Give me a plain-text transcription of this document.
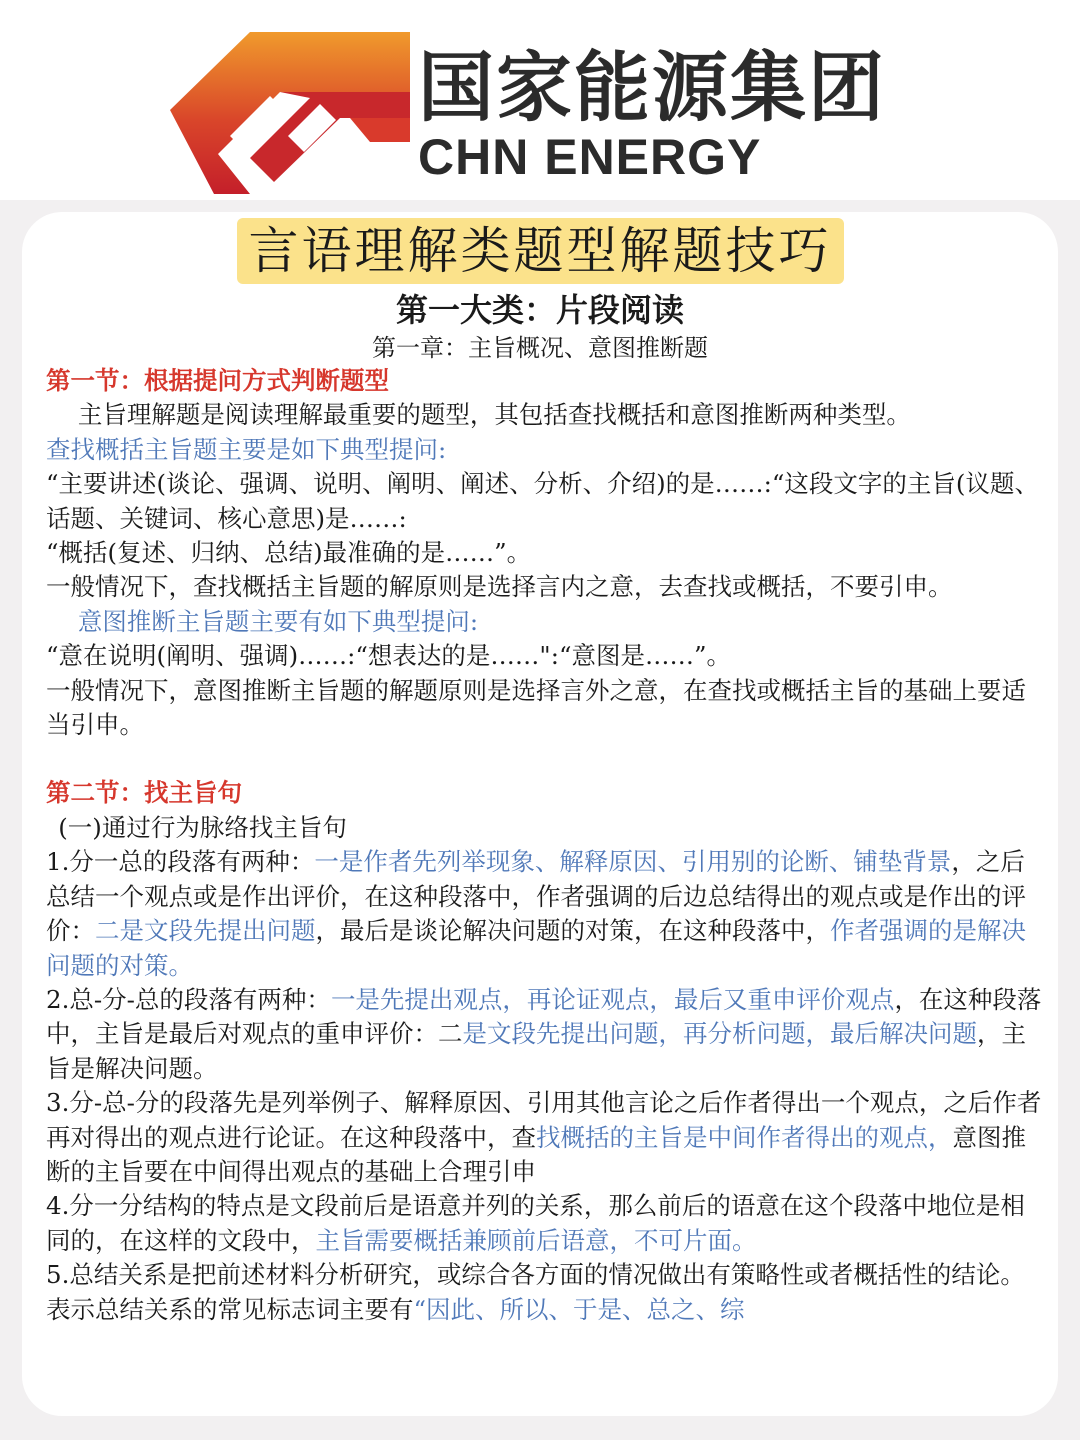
国家能源集团
CHN ENERGY
言语理解类题型解题技巧
第一大类：片段阅读
第一章：主旨概况、意图推断题

第一节：根据提问方式判断题型

主旨理解题是阅读理解最重要的题型，其包括查找概括和意图推断两种类型。

查找概括主旨题主要是如下典型提问:

“主要讲述(谈论、强调、说明、阐明、阐述、分析、介绍)的是……:“这段文字的主旨(议题、话题、关键词、核心意思)是……:

“概括(复述、归纳、总结)最准确的是……”。

一般情况下，查找概括主旨题的解原则是选择言内之意，去查找或概括，不要引申。

意图推断主旨题主要有如下典型提问:

“意在说明(阐明、强调)……:“想表达的是……":“意图是……”。

一般情况下，意图推断主旨题的解题原则是选择言外之意，在查找或概括主旨的基础上要适当引申。

第二节：找主旨句

(一)通过行为脉络找主旨句

1.分一总的段落有两种：一是作者先列举现象、解释原因、引用别的论断、铺垫背景，之后总结一个观点或是作出评价，在这种段落中，作者强调的后边总结得出的观点或是作出的评价：二是文段先提出问题，最后是谈论解决问题的对策，在这种段落中，作者强调的是解决问题的对策。

2.总-分-总的段落有两种：一是先提出观点，再论证观点，最后又重申评价观点，在这种段落中，主旨是最后对观点的重申评价：二是文段先提出问题，再分析问题，最后解决问题，主旨是解决问题。

3.分-总-分的段落先是列举例子、解释原因、引用其他言论之后作者得出一个观点，之后作者再对得出的观点进行论证。在这种段落中，查找概括的主旨是中间作者得出的观点，意图推断的主旨要在中间得出观点的基础上合理引申

4.分一分结构的特点是文段前后是语意并列的关系，那么前后的语意在这个段落中地位是相同的，在这样的文段中，主旨需要概括兼顾前后语意，不可片面。

5.总结关系是把前述材料分析研究，或综合各方面的情况做出有策略性或者概括性的结论。表示总结关系的常见标志词主要有“因此、所以、于是、总之、综
